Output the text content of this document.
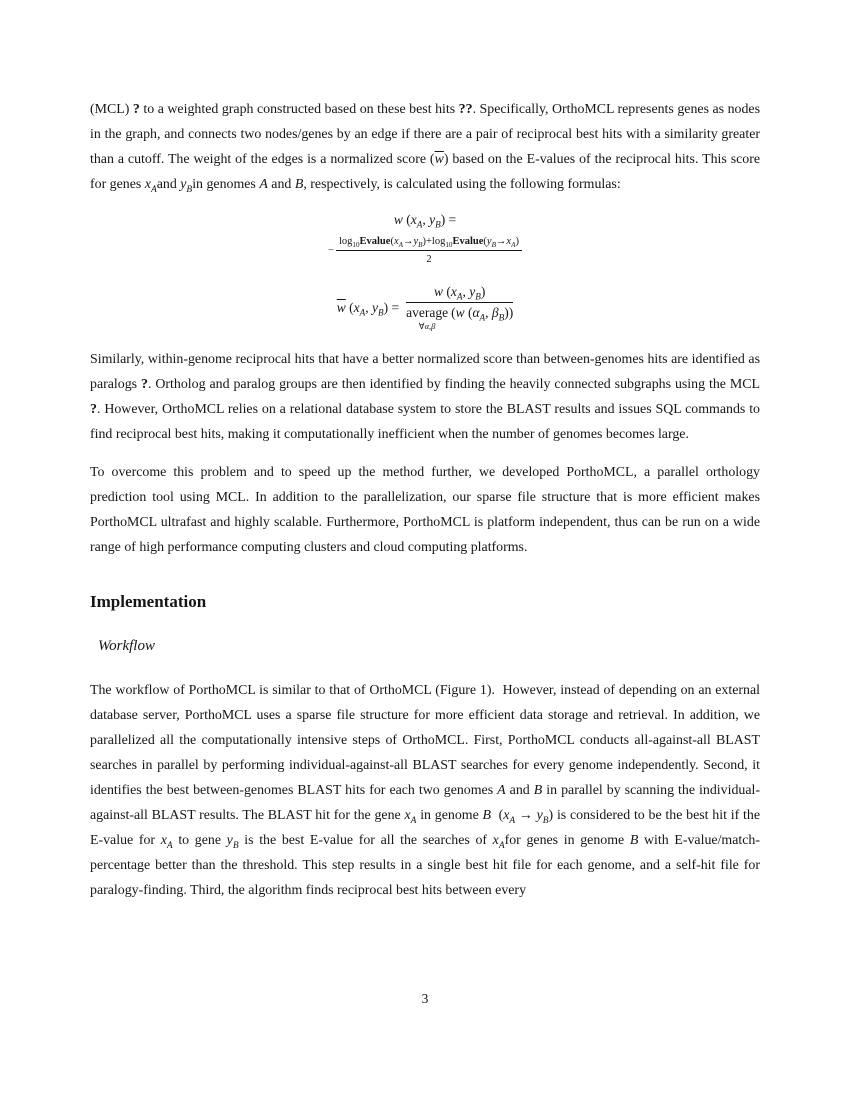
(MCL) ? to a weighted graph constructed based on these best hits ??. Specifically, OrthoMCL represents genes as nodes in the graph, and connects two nodes/genes by an edge if there are a pair of reciprocal best hits with a similarity greater than a cutoff. The weight of the edges is a normalized score $(\overline{w})$ based on the E-values of the reciprocal hits. This score for genes $x_Aand$ $y_Bin$ genomes A and B, respectively, is calculated using the following formulas:

w ($x_A$, $y_B$) =
− $\frac{\log_{10}Evalue(x_A\to y_B)+\log_{10}Evalue(y_B\to x_A)}{2}$
$\overline{w}$ ($x_A$, $y_B) = w$ ($x_A$, $y_B$)
average
∀α,β
(w ($\alpha_A$, $\beta_B$))

Similarly, within-genome reciprocal hits that have a better normalized score than between-genomes hits are identified as paralogs ?. Ortholog and paralog groups are then identified by finding the heavily connected subgraphs using the MCL ?. However, OrthoMCL relies on a relational database system to store the BLAST results and issues SQL commands to find reciprocal best hits, making it computationally inefficient when the number of genomes becomes large.

To overcome this problem and to speed up the method further, we developed PorthoMCL, a parallel orthology prediction tool using MCL. In addition to the parallelization, our sparse file structure that is more efficient makes PorthoMCL ultrafast and highly scalable. Furthermore, PorthoMCL is platform independent, thus can be run on a wide range of high performance computing clusters and cloud computing platforms.

Implementation
Workflow

The workflow of PorthoMCL is similar to that of OrthoMCL (Figure 1).  However, instead of depending on an external database server, PorthoMCL uses a sparse file structure for more efficient data storage and retrieval. In addition, we parallelized all the computationally intensive steps of OrthoMCL. First, PorthoMCL conducts all-against-all BLAST searches in parallel by performing individual-against-all BLAST searches for every genome independently. Second, it identifies the best between-genomes BLAST hits for each two genomes A and B in parallel by scanning the individual-against-all BLAST results. The BLAST hit for the gene $x_A$ in genome B  $(x_A \to y_B)$ is considered to be the best hit if the E-value for $x_A$ to gene $y_B$ is the best E-value for all the searches of $x_Afor$ genes in genome B with E-value/match-percentage better than the threshold. This step results in a single best hit file for each genome, and a self-hit file for paralogy-finding. Third, the algorithm finds reciprocal best hits between every

3
